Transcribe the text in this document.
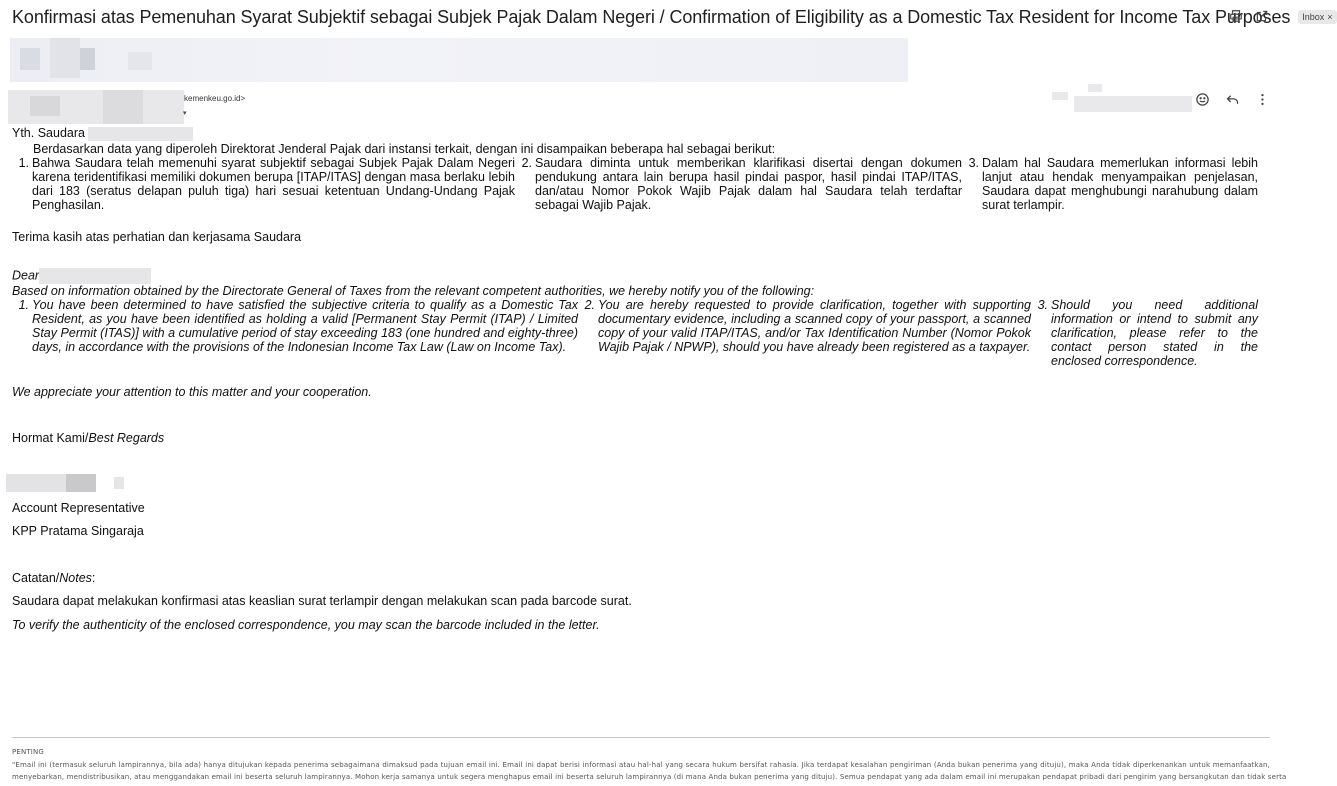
Konfirmasi atas Pemenuhan Syarat Subjektif sebagai Subjek Pajak Dalam Negeri / Confirmation of Eligibility as a Domestic Tax Resident for Income Tax Purposes Inbox ×
kemenkeu.go.id>
▾
Yth. Saudara
Berdasarkan data yang diperoleh Direktorat Jenderal Pajak dari instansi terkait, dengan ini disampaikan beberapa hal sebagai berikut:
1. Bahwa Saudara telah memenuhi syarat subjektif sebagai Subjek Pajak Dalam Negeri karena teridentifikasi memiliki dokumen berupa [ITAP/ITAS] dengan masa berlaku lebih dari 183 (seratus delapan puluh tiga) hari sesuai ketentuan Undang-Undang Pajak Penghasilan.
2. Saudara diminta untuk memberikan klarifikasi disertai dengan dokumen pendukung antara lain berupa hasil pindai paspor, hasil pindai ITAP/ITAS, dan/atau Nomor Pokok Wajib Pajak dalam hal Saudara telah terdaftar sebagai Wajib Pajak.
3. Dalam hal Saudara memerlukan informasi lebih lanjut atau hendak menyampaikan penjelasan, Saudara dapat menghubungi narahubung dalam surat terlampir.
Terima kasih atas perhatian dan kerjasama Saudara
Dear
Based on information obtained by the Directorate General of Taxes from the relevant competent authorities, we hereby notify you of the following:
1. You have been determined to have satisfied the subjective criteria to qualify as a Domestic Tax Resident, as you have been identified as holding a valid [Permanent Stay Permit (ITAP) / Limited Stay Permit (ITAS)] with a cumulative period of stay exceeding 183 (one hundred and eighty-three) days, in accordance with the provisions of the Indonesian Income Tax Law (Law on Income Tax).
2. You are hereby requested to provide clarification, together with supporting documentary evidence, including a scanned copy of your passport, a scanned copy of your valid ITAP/ITAS, and/or Tax Identification Number (Nomor Pokok Wajib Pajak / NPWP), should you have already been registered as a taxpayer.
3. Should you need additional information or intend to submit any clarification, please refer to the contact person stated in the enclosed correspondence.
We appreciate your attention to this matter and your cooperation.
Hormat Kami/Best Regards
Account Representative
KPP Pratama Singaraja
Catatan/Notes:
Saudara dapat melakukan konfirmasi atas keaslian surat terlampir dengan melakukan scan pada barcode surat.
To verify the authenticity of the enclosed correspondence, you may scan the barcode included in the letter.
PENTING
"Email ini (termasuk seluruh lampirannya, bila ada) hanya ditujukan kepada penerima sebagaimana dimaksud pada tujuan email ini. Email ini dapat berisi informasi atau hal-hal yang secara hukum bersifat rahasia. Jika terdapat kesalahan pengiriman (Anda bukan penerima yang dituju), maka Anda tidak diperkenankan untuk memanfaatkan,
menyebarkan, mendistribusikan, atau menggandakan email ini beserta seluruh lampirannya. Mohon kerja samanya untuk segera menghapus email ini beserta seluruh lampirannya (di mana Anda bukan penerima yang dituju). Semua pendapat yang ada dalam email ini merupakan pendapat pribadi dari pengirim yang bersangkutan dan tidak serta
